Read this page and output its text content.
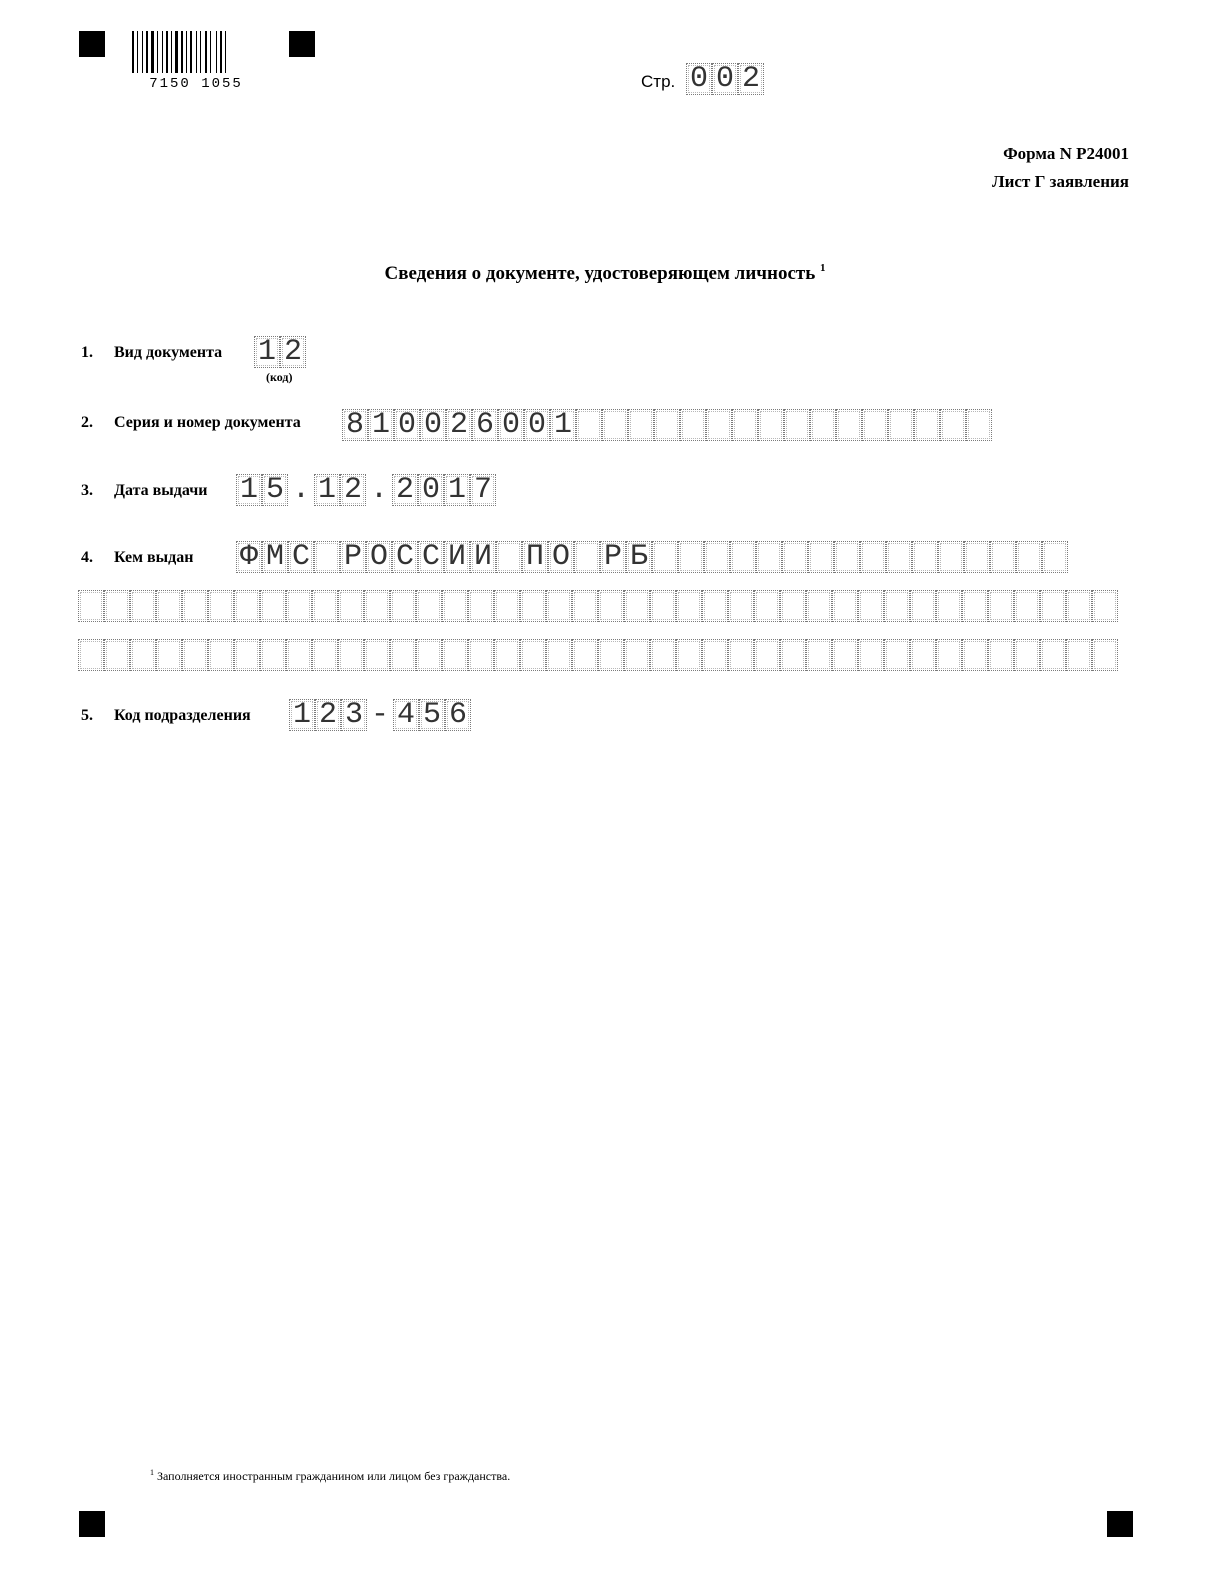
7150 1055	Стр. 0 0 2
Форма N Р24001
Лист Г заявления
Сведения о документе, удостоверяющем личность $^1$
1. Вид документа 1 2
(код)
2. Серия и номер документа 8 1 0 0 2 6 0 0 1
3. Дата выдачи 1 5 . 1 2 . 2 0 1 7
4. Кем выдан Ф М С Р О С С И И П О Р Б
5. Код подразделения 1 2 3 - 4 5 6
$^1$ Заполняется иностранным гражданином или лицом без гражданства.
